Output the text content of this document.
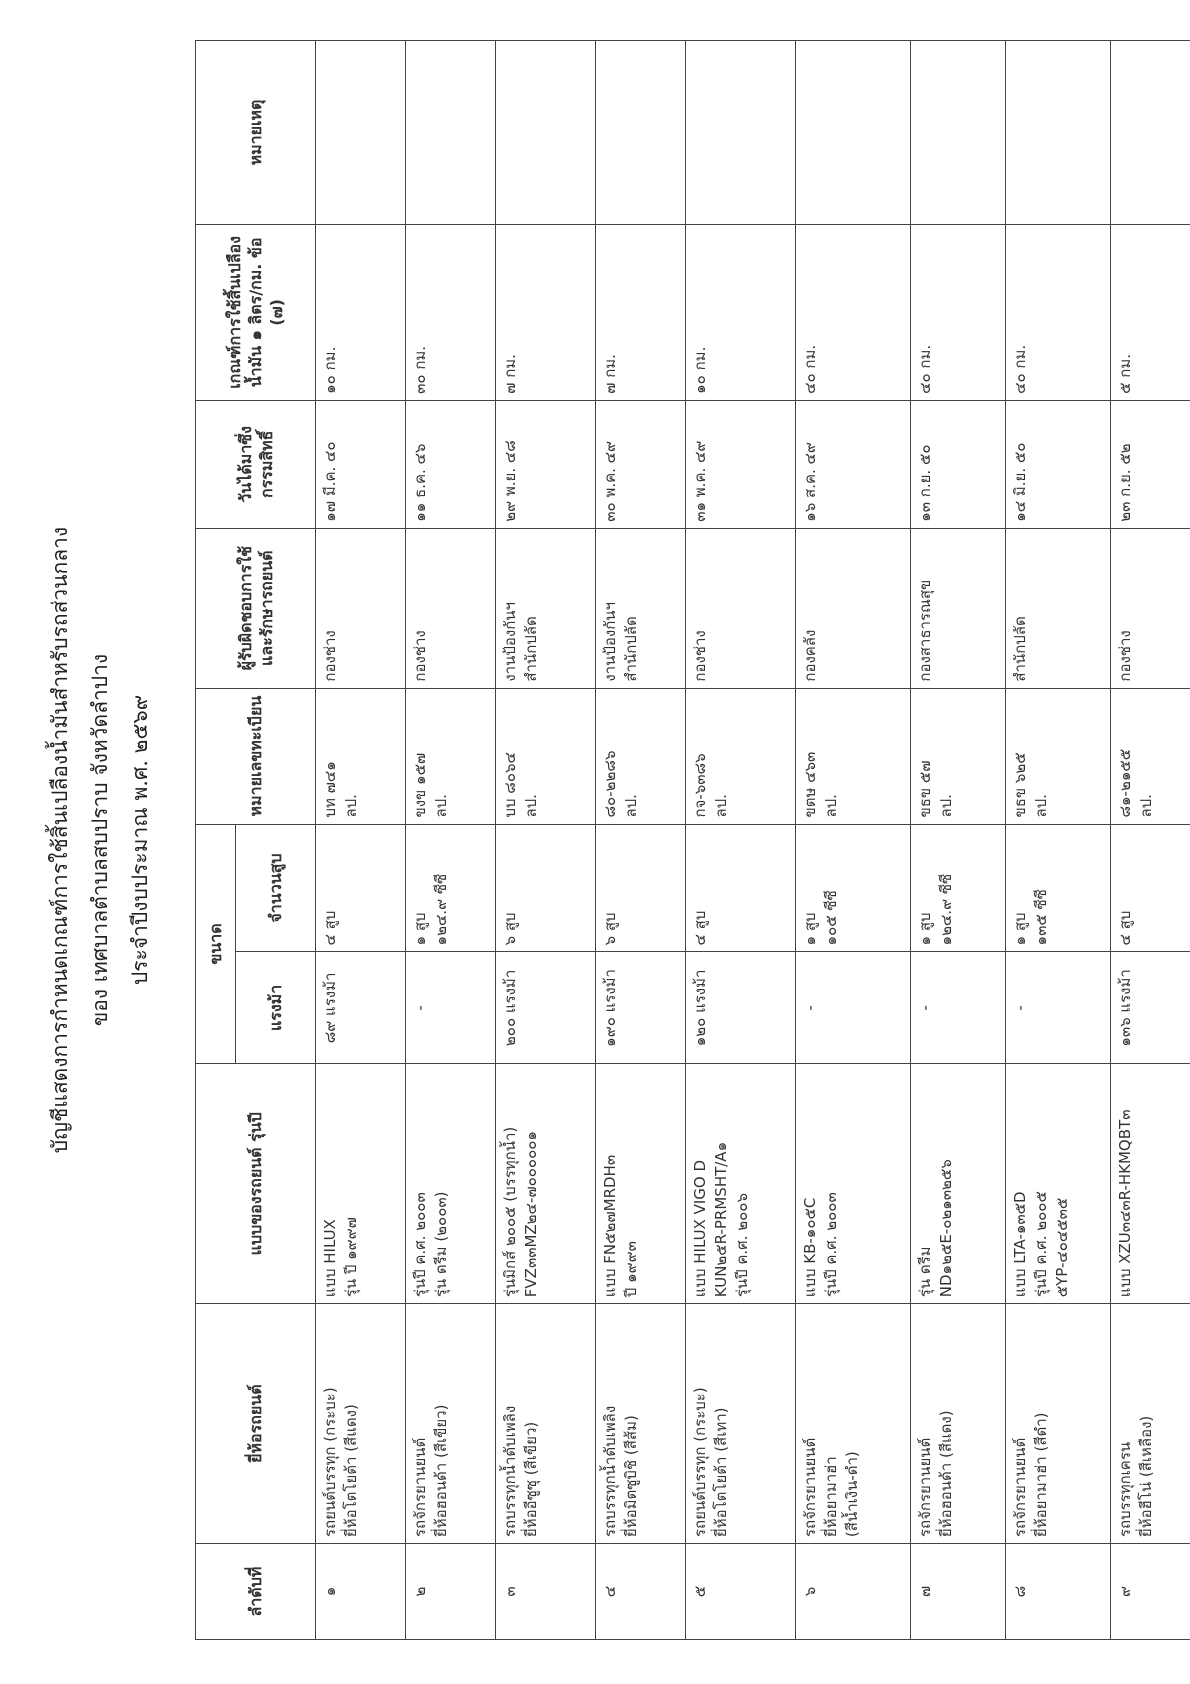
บัญชีแสดงการกำหนดเกณฑ์การใช้สิ้นเปลืองน้ำมันสำหรับรถส่วนกลาง ของ เทศบาลตำบลสบปราบ จังหวัดลำปาง ประจำปีงบประมาณ พ.ศ. ๒๕๖๙
ลำดับที่	ยี่ห้อรถยนต์	แบบของรถยนต์ รุ่นปี	ขนาด		หมายเลขทะเบียน	ผู้รับผิดชอบการใช้และรักษารถยนต์	วันได้มาซึ่งกรรมสิทธิ์	เกณฑ์การใช้สิ้นเปลืองน้ำมัน ๑ ลิตร/กม. ข้อ (๗)	หมายเหตุ
			แรงม้า	จำนวนสูบ					
๑	รถยนต์บรรทุก (กระบะ) ยี่ห้อโตโยต้า (สีแดง)	แบบ HILUX รุ่น ปี ๑๙๙๗	๘๙ แรงม้า	๔ สูบ	บท ๗๔๑ ลป.	กองช่าง	๑๗ มี.ค. ๔๐	๑๐ กม.	
๒	รถจักรยานยนต์ ยี่ห้อฮอนด้า (สีเขียว)	รุ่นปี ค.ศ. ๒๐๐๓ รุ่น ดรีม (๒๐๐๓)	-	๑ สูบ ๑๒๔.๙ ซีซี	ขงข ๑๕๗ ลป.	กองช่าง	๑๑ ธ.ค. ๔๖	๓๐ กม.	
๓	รถบรรทุกน้ำดับเพลิง ยี่ห้ออีซูซุ (สีเขียว)	รุ่นมิกส์ ๒๐๐๕ (บรรทุกน้ำ) FVZ๓๓MZ๒๔-๗๐๐๐๐๐๑	๒๐๐ แรงม้า	๖ สูบ	บบ ๘๐๖๔ ลป.	งานป้องกันฯ สำนักปลัด	๒๙ พ.ย. ๔๘	๗ กม.	
๔	รถบรรทุกน้ำดับเพลิง ยี่ห้อมิตซูบิชิ (สีส้ม)	แบบ FN๕๒๗MRDH๓ ปี ๑๙๙๓	๑๙๐ แรงม้า	๖ สูบ	๘๐-๒๒๘๖ ลป.	งานป้องกันฯ สำนักปลัด	๓๐ พ.ค. ๔๙	๗ กม.	
๕	รถยนต์บรรทุก (กระบะ) ยี่ห้อโตโยต้า (สีเทา)	แบบ HILUX VIGO D KUN๒๕R-PRMSHT/A๑ รุ่นปี ค.ศ. ๒๐๐๖	๑๒๐ แรงม้า	๔ สูบ	กจ-๖๓๘๖ ลป.	กองช่าง	๓๑ พ.ค. ๔๙	๑๐ กม.	
๖	รถจักรยานยนต์ ยี่ห้อยามาฮ่า (สีน้ำเงิน-ดำ)	แบบ KB-๑๐๕C รุ่นปี ค.ศ. ๒๐๐๓	-	๑ สูบ ๑๐๕ ซีซี	ขตษ ๔๖๓ ลป.	กองคลัง	๑๖ ส.ค. ๔๙	๔๐ กม.	
๗	รถจักรยานยนต์ ยี่ห้อฮอนด้า (สีแดง)	รุ่น ดรีม ND๑๒๕E-๐๒๑๓๒๕๖	-	๑ สูบ ๑๒๔.๙ ซีซี	ขธข ๕๗ ลป.	กองสาธารณสุข	๑๓ ก.ย. ๕๐	๔๐ กม.	
๘	รถจักรยานยนต์ ยี่ห้อยามาฮ่า (สีดำ)	แบบ LTA-๑๓๕D รุ่นปี ค.ศ. ๒๐๐๕ ๕YP-๔๐๔๕๓๕	-	๑ สูบ ๑๓๕ ซีซี	ขธข ๖๒๕ ลป.	สำนักปลัด	๑๔ มิ.ย. ๕๐	๔๐ กม.	
๙	รถบรรทุกเครน ยี่ห้อฮีโน่ (สีเหลือง)	แบบ XZU๓๔๓R-HKMQBT๓	๑๓๖ แรงม้า	๔ สูบ	๘๑-๒๑๕๕ ลป.	กองช่าง	๒๓ ก.ย. ๕๒	๕ กม.	
